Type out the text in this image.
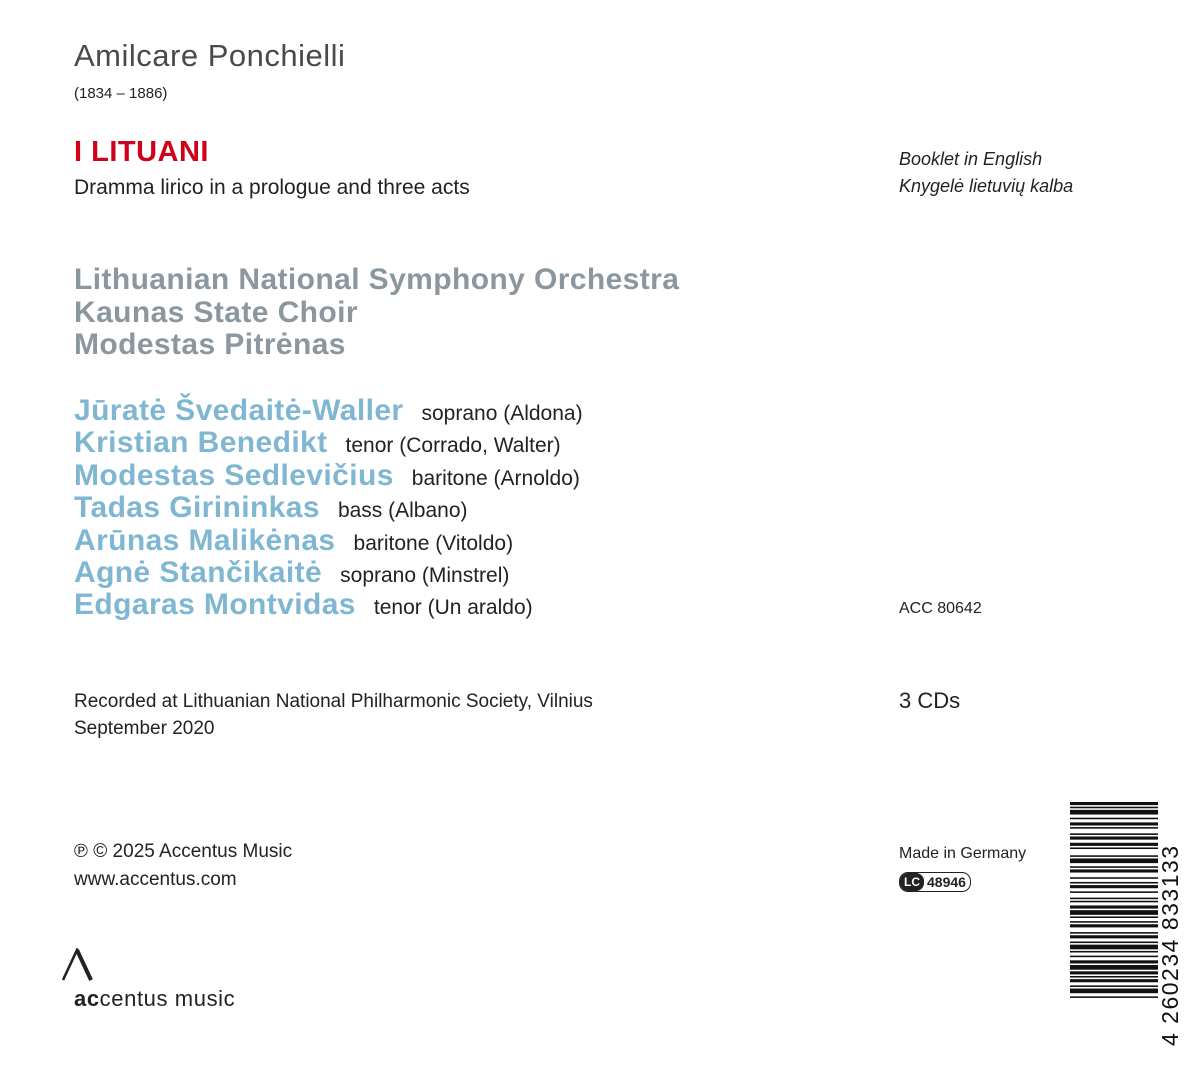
Amilcare Ponchielli
(1834 – 1886)
I LITUANI
Dramma lirico in a prologue and three acts
Booklet in English
Knygelė lietuvių kalba
Lithuanian National Symphony Orchestra
Kaunas State Choir
Modestas Pitrėnas
Jūratė Švedaitė-Waller soprano (Aldona)
Kristian Benedikt tenor (Corrado, Walter)
Modestas Sedlevičius baritone (Arnoldo)
Tadas Girininkas bass (Albano)
Arūnas Malikėnas baritone (Vitoldo)
Agnė Stančikaitė soprano (Minstrel)
Edgaras Montvidas tenor (Un araldo)	ACC 80642
Recorded at Lithuanian National Philharmonic Society, Vilnius
September 2020
3 CDs
℗ © 2025 Accentus Music
www.accentus.com
Made in Germany
LC 48946
accentus music	4 260234 833133
